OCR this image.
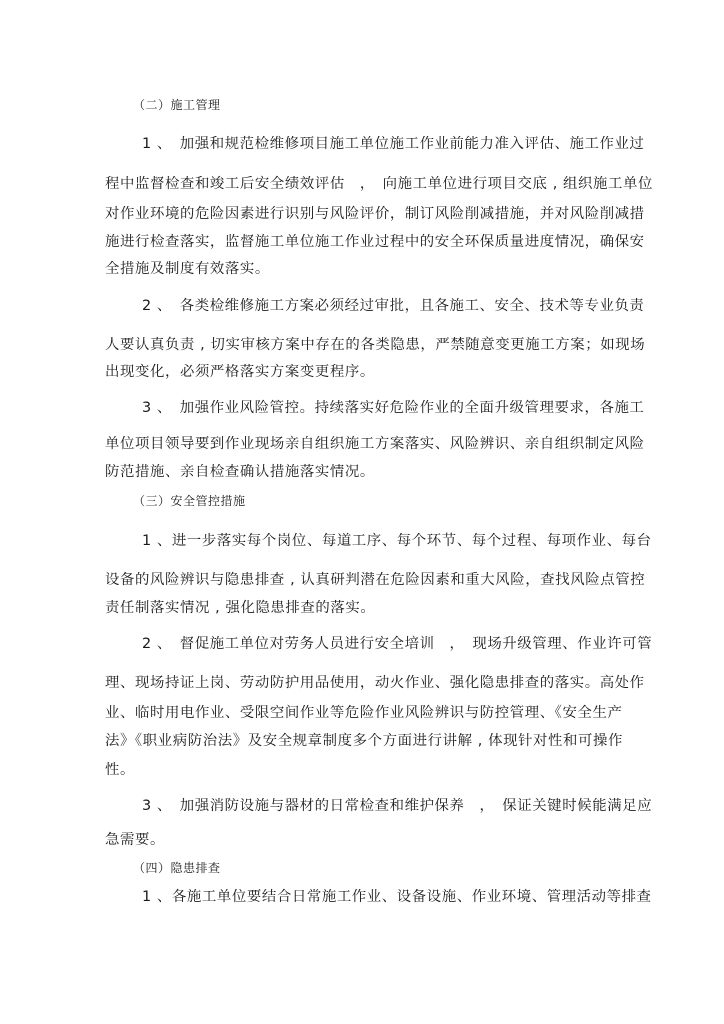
（二）施工管理
1 、　加强和规范检维修项目施工单位施工作业前能力准入评估、施工作业过
程中监督检查和竣工后安全绩效评估　，　向施工单位进行项目交底 , 组织施工单位
对作业环境的危险因素进行识别与风险评价，制订风险削减措施，并对风险削减措
施进行检查落实，监督施工单位施工作业过程中的安全环保质量进度情况，确保安
全措施及制度有效落实。
2 、　各类检维修施工方案必须经过审批，且各施工、安全、技术等专业负责
人要认真负责 , 切实审核方案中存在的各类隐患，严禁随意变更施工方案；如现场
出现变化，必须严格落实方案变更程序。
3 、　加强作业风险管控。持续落实好危险作业的全面升级管理要求，各施工
单位项目领导要到作业现场亲自组织施工方案落实、风险辨识、亲自组织制定风险
防范措施、亲自检查确认措施落实情况。
（三）安全管控措施
1 、进一步落实每个岗位、每道工序、每个环节、每个过程、每项作业、每台
设备的风险辨识与隐患排查 , 认真研判潜在危险因素和重大风险，查找风险点管控
责任制落实情况 , 强化隐患排查的落实。
2 、　督促施工单位对劳务人员进行安全培训　，　现场升级管理、作业许可管
理、现场持证上岗、劳动防护用品使用，动火作业、强化隐患排查的落实。高处作
业、临时用电作业、受限空间作业等危险作业风险辨识与防控管理、《安全生产
法》《职业病防治法》及安全规章制度多个方面进行讲解 , 体现针对性和可操作
性。
3 、　加强消防设施与器材的日常检查和维护保养　，　保证关键时候能满足应
急需要。
（四）隐患排查
1 、各施工单位要结合日常施工作业、设备设施、作业环境、管理活动等排查
